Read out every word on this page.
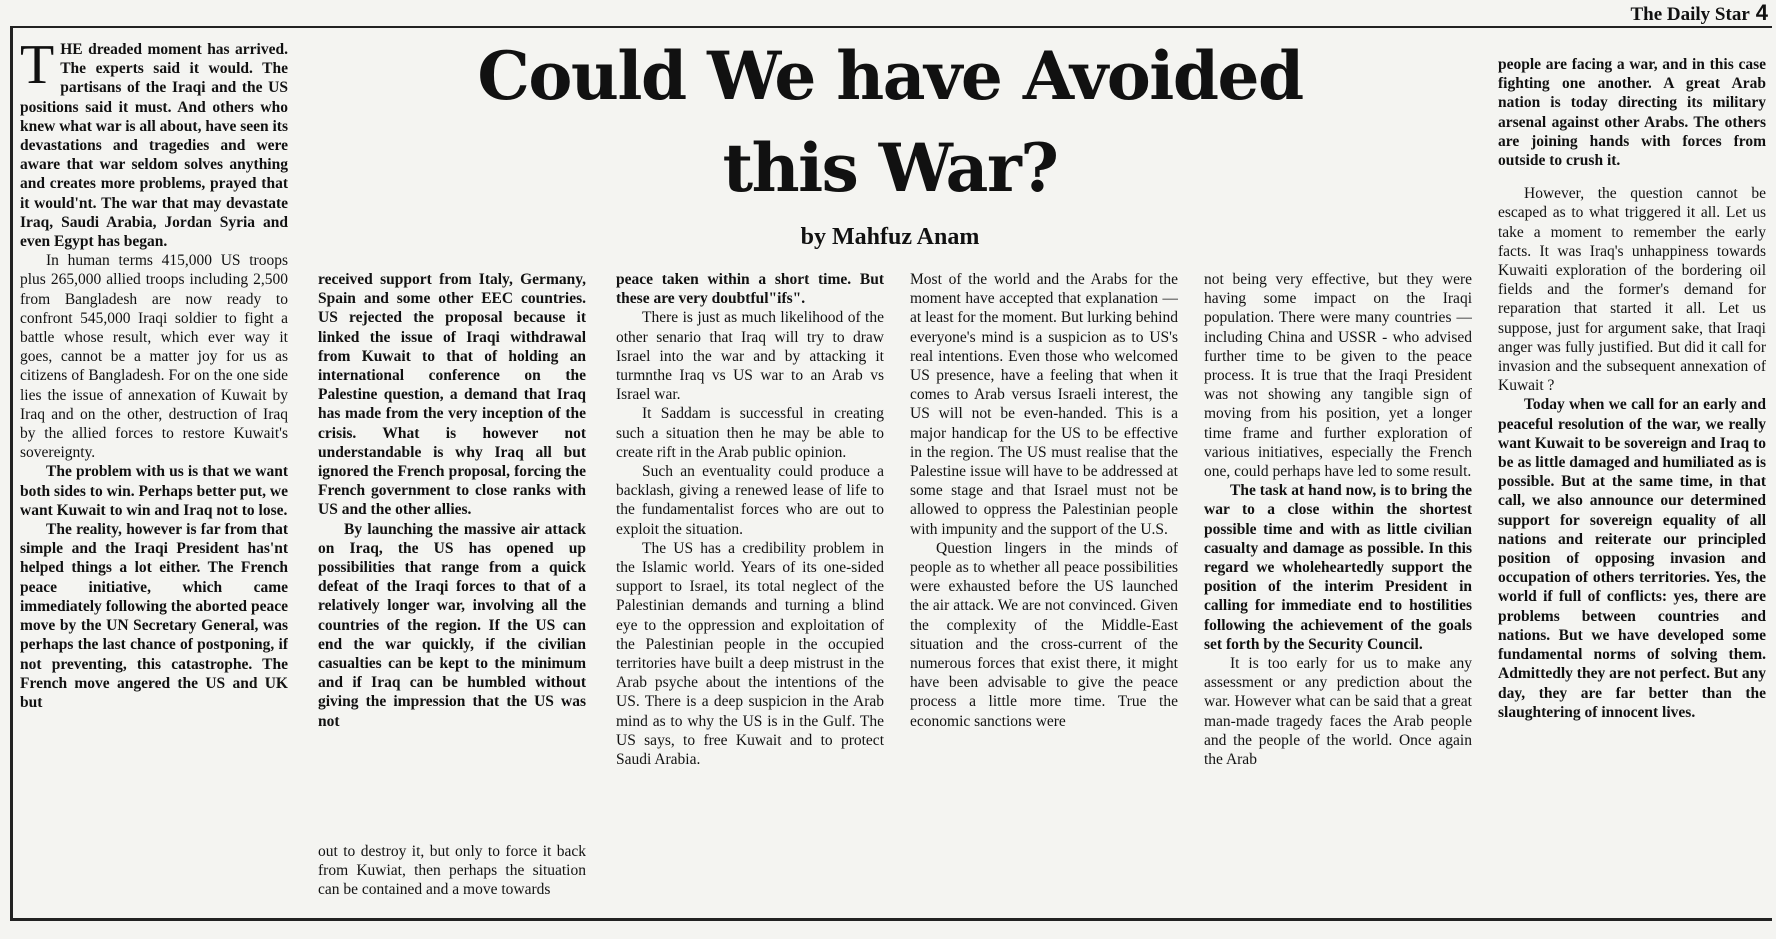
The Daily Star 4
Could We have Avoided this War?
by Mahfuz Anam

THE dreaded moment has arrived. The experts said it would. The partisans of the Iraqi and the US positions said it must. And others who knew what war is all about, have seen its devastations and tragedies and were aware that war seldom solves anything and creates more problems, prayed that it would'nt. The war that may devastate Iraq, Saudi Arabia, Jordan Syria and even Egypt has began.

In human terms 415,000 US troops plus 265,000 allied troops including 2,500 from Bangladesh are now ready to confront 545,000 Iraqi soldier to fight a battle whose result, which ever way it goes, cannot be a matter joy for us as citizens of Bangladesh. For on the one side lies the issue of annexation of Kuwait by Iraq and on the other, destruction of Iraq by the allied forces to restore Kuwait's sovereignty.

The problem with us is that we want both sides to win. Perhaps better put, we want Kuwait to win and Iraq not to lose.

The reality, however is far from that simple and the Iraqi President has'nt helped things a lot either. The French peace initiative, which came immediately following the aborted peace move by the UN Secretary General, was perhaps the last chance of postponing, if not preventing, this catastrophe. The French move angered the US and UK but

received support from Italy, Germany, Spain and some other EEC countries. US rejected the proposal because it linked the issue of Iraqi withdrawal from Kuwait to that of holding an international conference on the Palestine question, a demand that Iraq has made from the very inception of the crisis. What is however not understandable is why Iraq all but ignored the French proposal, forcing the French government to close ranks with US and the other allies.

By launching the massive air attack on Iraq, the US has opened up possibilities that range from a quick defeat of the Iraqi forces to that of a relatively longer war, involving all the countries of the region. If the US can end the war quickly, if the civilian casualties can be kept to the minimum and if Iraq can be humbled without giving the impression that the US was not

out to destroy it, but only to force it back from Kuwiat, then perhaps the situation can be contained and a move towards

peace taken within a short time. But these are very doubtful"ifs".

There is just as much likelihood of the other senario that Iraq will try to draw Israel into the war and by attacking it turmnthe Iraq vs US war to an Arab vs Israel war.

It Saddam is successful in creating such a situation then he may be able to create rift in the Arab public opinion.

Such an eventuality could produce a backlash, giving a renewed lease of life to the fundamentalist forces who are out to exploit the situation.

The US has a credibility problem in the Islamic world. Years of its one-sided support to Israel, its total neglect of the Palestinian demands and turning a blind eye to the oppression and exploitation of the Palestinian people in the occupied territories have built a deep mistrust in the Arab psyche about the intentions of the US. There is a deep suspicion in the Arab mind as to why the US is in the Gulf. The US says, to free Kuwait and to protect Saudi Arabia.

Most of the world and the Arabs for the moment have accepted that explanation — at least for the moment. But lurking behind everyone's mind is a suspicion as to US's real intentions. Even those who welcomed US presence, have a feeling that when it comes to Arab versus Israeli interest, the US will not be even-handed. This is a major handicap for the US to be effective in the region. The US must realise that the Palestine issue will have to be addressed at some stage and that Israel must not be allowed to oppress the Palestinian people with impunity and the support of the U.S.

Question lingers in the minds of people as to whether all peace possibilities were exhausted before the US launched the air attack. We are not convinced. Given the complexity of the Middle-East situation and the cross-current of the numerous forces that exist there, it might have been advisable to give the peace process a little more time. True the economic sanctions were

not being very effective, but they were having some impact on the Iraqi population. There were many countries — including China and USSR - who advised further time to be given to the peace process. It is true that the Iraqi President was not showing any tangible sign of moving from his position, yet a longer time frame and further exploration of various initiatives, especially the French one, could perhaps have led to some result.

The task at hand now, is to bring the war to a close within the shortest possible time and with as little civilian casualty and damage as possible. In this regard we wholeheartedly support the position of the interim President in calling for immediate end to hostilities following the achievement of the goals set forth by the Security Council.

It is too early for us to make any assessment or any prediction about the war. However what can be said that a great man-made tragedy faces the Arab people and the people of the world. Once again the Arab

people are facing a war, and in this case fighting one another. A great Arab nation is today directing its military arsenal against other Arabs. The others are joining hands with forces from outside to crush it.

However, the question cannot be escaped as to what triggered it all. Let us take a moment to remember the early facts. It was Iraq's unhappiness towards Kuwaiti exploration of the bordering oil fields and the former's demand for reparation that started it all. Let us suppose, just for argument sake, that Iraqi anger was fully justified. But did it call for invasion and the subsequent annexation of Kuwait ?

Today when we call for an early and peaceful resolution of the war, we really want Kuwait to be sovereign and Iraq to be as little damaged and humiliated as is possible. But at the same time, in that call, we also announce our determined support for sovereign equality of all nations and reiterate our principled position of opposing invasion and occupation of others territories. Yes, the world if full of conflicts: yes, there are problems between countries and nations. But we have developed some fundamental norms of solving them. Admittedly they are not perfect. But any day, they are far better than the slaughtering of innocent lives.
